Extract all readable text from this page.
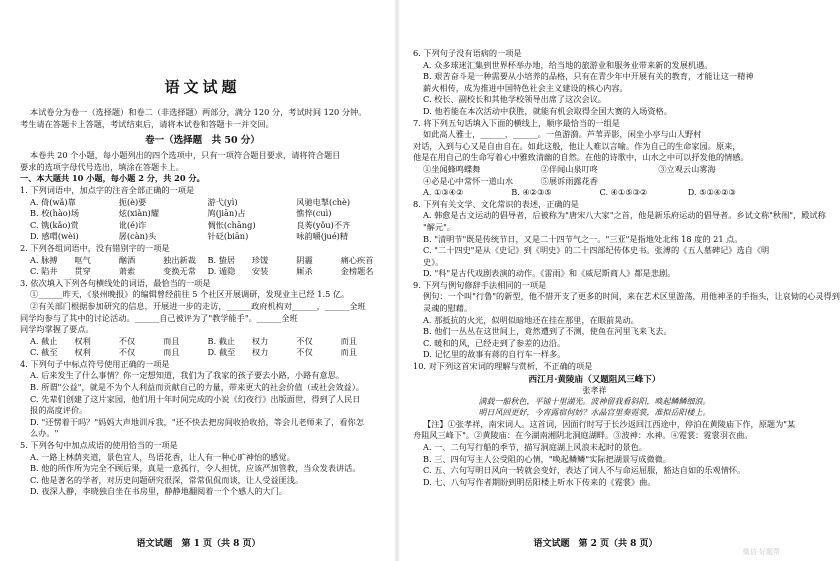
语文试题
本试卷分为卷一（选择题）和卷二（非选择题）两部分，满分 120 分，考试时间 120 分钟。
考生请在答题卡上答题，考试结束后，请将本试卷和答题卡一并交回。
卷一（选择题　共 50 分）
本卷共 20 个小题，每小题列出的四个选项中，只有一项符合题目要求，请将符合题目
要求的选项字母代号选出，填涂在答题卡上。
一、本大题共 10 小题，每小题 2 分，共 20 分。
1. 下列词语中，加点字的注音全部正确的一项是
A. 倚(wǎ)靠	扼(è)要	游弋(yì)	风驰电掣(chè)
B. 校(hào)场	炫(xiàn)耀	鸠(jiān)占	憔悴(cuì)
C. 镌(kǎo)赏	讹(é)诈	惆怅(chāng)	良莠(yǒu)不齐
D. 感喟(wèi)	孱(càn)头	针砭(biān)	咏韵嚼(jué)精
2. 下列各组词语中，没有错别字的一项是
A. 脉搏	呕气	酗酒	独出新裁	B. 蛰居	珍馐	阴霾	痛心疾首
C. 陷井	贯穿	萧索	变换无常	D. 遁隐	安装	厮杀	金榜题名
3. 依次填入下列各句横线处的词语，最恰当的一项是
①______昨天，《泉州晚报》的编辑曾经前往 5 个社区开展调研，发现业主已经 1.5 亿。
②有关部门根据参加研究的信息，开展进一步的走访，______政府机构对______，______全班
同学均参与了其中的讨论活动。______自己被评为了"教学能手"。______全班
同学均掌握了要点。
A. 截止	权利	不仅	而且	B. 截止	权力	不仅	而且
C. 截至	权利	不仅	而且	D. 截至	权力	不仅	而且
4. 下列句子中标点符号使用正确的一项是
A. 后来发生了什么事情？你一定想知道，我们为了我家的孩子要去小路，小路有意思。
B. 所谓"公益"，就是不为个人利益而贡献自己的力量，带来更大的社会价值（或社会效益）。
C. 先辈们创建了这片家园，他们用十年时间完成的小说《幻夜行》出版面世，得到了人民日
报的高度评价。
D. "还愣着干吗？"妈妈大声地训斥我，"还不快去把房间收拾收拾，等会儿老师来了，看你怎
么办。"
5. 下列各句中加点成语的使用恰当的一项是
A. 一路上林荫夹道，景色宜人，鸟语花香，让人有一种心旷神怡的感觉。
B. 他的所作所为完全不顾后果，真是一意孤行，令人担忧，应该严加管教，当众发表讲话。
C. 他是著名的学者，对历史问题研究很深，常常侃侃而谈，让人受益匪浅。
D. 夜深人静，李晓独自坐在书房里，静静地翻阅着一个个感人的大门。
语文试题　第 1 页（共 8 页）
6. 下列句子没有语病的一项是
A. 众多球迷汇集到世界杯举办地，给当地的旅游业和服务业带来新的发展机遇。
B. 艰苦奋斗是一种需要从小培养的品格，只有在青少年中开展有关的教育，才能让这一精神
薪火相传，成为推进中国特色社会主义建设的核心内容。
C. 校长、副校长和其他学校领导出席了这次会议。
D. 他若能在本次活动中获胜，就能有机会取得全国大赛的入场资格。
7. 将下列五句话填入下面的横线上，顺序最恰当的一组是
如此高人雅士，______，______。一鱼游漪。芦苇弄影，闲坐小亭与山人野村
对话，入到与心又是自由自在。如此这般，他让人难以言喻。作为自己的生命家园。原来，
他是在用自己的生命写着心中雅致清幽的自然。在他的诗歌中，山水之中可以抒发他的情感。
①坐闻蜂鸣蝶舞	②伴闻山泉叮咚	③立观云山雾海
④必是心中常怀一道山水	⑤展诉雨露花香
A. ①③④②	B. ④②③⑤	C. ④①⑤③②	D. ⑤①④②③
8. 下列有关文学、文化常识的表述，正确的是
A. 韩愈是古文运动的倡导者，后被称为"唐宋八大家"之首，他是新乐府运动的倡导者。乡试文称"秋闱"，殿试称
"解元"。
B. "清明节"既是传统节日，又是二十四节气之一。"三亚"是指地处北纬 18 度的 21 点。
C. "二十四史"是从《史记》到《明史》的二十四部纪传体史书。张溥的《五人墓碑记》选自《明
史》。
D. "科"是古代戏剧表演的动作。《雷雨》和《威尼斯商人》都是悲剧。
9. 下列与例句修辞手法相同的一项是
例句：一个叫"行鲁"的新型，他不惜开支了更多的时间，来在艺术区里游荡，用他神圣的手指头，让哀恸的心灵得到
灵魂的慰藉。
A. 那抵抗的火光，似明似暗地还在挂在那里，在眼前晃动。
B. 他们一丛丛在这世间上，竟然遭到了不测，使鱼在河里飞来飞去。
C. 暖和的风，已经走到了参差的边沿。
D. 记忆里的故事有蒋的自行车一样多。
10. 对下列这首宋词的理解与赏析，不正确的项是
西江月·黄陵庙（又题阻风三峰下）
张孝祥
满载一船秋色，平铺十里湖光。波神留我看斜阳，唤起鳞鳞细浪。
明日风回更好，今宵露宿何妨？水晶宫里奏霓裳，准拟岳阳楼上。
【注】①张孝祥，南宋词人。这首词，因面行时写于长沙返回江西途中，停泊在黄陵庙下作，原题为"某
舟阻风三峰下"。②黄陵庙：在今湖南湘阴北洞庭湖畔。③波神：水神。④霓裳：霓裳羽衣曲。
A. 一、二句写行船的季节，描写洞庭湖上风浪未起时的景色。
B. 三、四句写主人公受阻的心情，"唤起鳞鳞"实际把湖景写成微微。
C. 五、六句写明日风向一转就会变好，表达了词人不与命运屈服，豁达自如的乐观情怀。
D. 七、八句写作者期盼到明岳阳楼上听水下传来的《霓裳》曲。
语文试题　第 2 页（共 8 页）
微信·好题帮
